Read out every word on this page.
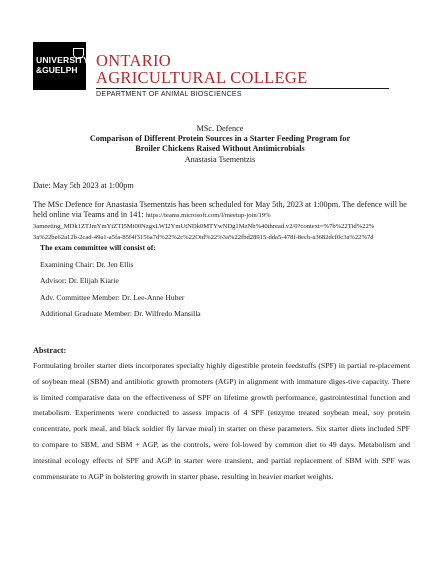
UNIVERSITY
&GUELPH ONTARIO
AGRICULTURAL COLLEGE
DEPARTMENT OF ANIMAL BIOSCIENCES
MSc. Defence
Comparison of Different Protein Sources in a Starter Feeding Program for
Broiler Chickens Raised Without Antimicrobials
Anastasia Tsementzis
Date: May 5th 2023 at 1:00pm
The MSc Defence for Anastasia Tsementzis has been scheduled for May 5th, 2023 at 1:00pm. The defence will be held online via Teams and in 141: https://teams.microsoft.com/l/meetup-join/19%
3ameeting_MDk1ZTJmYmYtZTI5Mi00NzgxLWI2YmUtNDk0MTYwNDg1MzNh%40thread.v2/0?context=%7b%22Tid%22%
3a%22be62a12b-2cad-49a1-a5fa-85f4f3156a7d%22%2c%22Oid%22%3a%22fbd28915-dda5-478f-8ecb-a3682dcf0c3a%22%7d
The exam committee will consist of:
Examining Chair: Dr. Jen Ellis
Advisor: Dr. Elijah Kiarie
Adv. Committee Member: Dr. Lee-Anne Huber
Additional Graduate Member: Dr. Wilfredo Mansilla
Abstract:
Formulating broiler starter diets incorporates specialty highly digestible protein feedstuffs (SPF) in partial re-placement of soybean meal (SBM) and antibiotic growth promoters (AGP) in alignment with immature diges-tive capacity. There is limited comparative data on the effectiveness of SPF on lifetime growth performance, gastrointestinal function and metabolism. Experiments were conducted to assess impacts of 4 SPF (enzyme treated soybean meal, soy protein concentrate, pork meal, and black soldier fly larvae meal) in starter on these parameters. Six starter diets included SPF to compare to SBM, and SBM + AGP, as the controls, were fol-lowed by common diet to 49 days. Metabolism and intestinal ecology effects of SPF and AGP in starter were transient, and partial replacement of SBM with SPF was commensurate to AGP in bolstering growth in starter phase, resulting in heavier market weights.
